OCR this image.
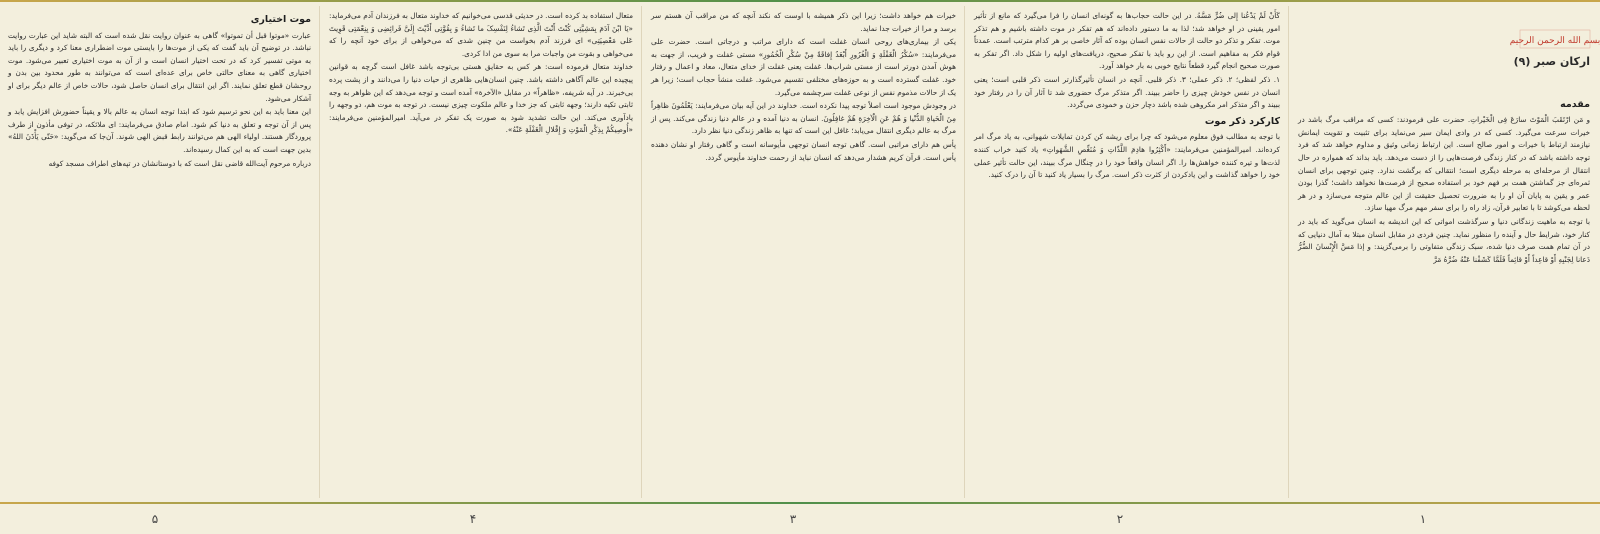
بسم الله الرحمن الرحیم
ارکان صبر (۹)
مقدمه

و مَن ارْتَقَبَ الْمَوْتَ سارَعَ فِی الْخَیْراتِ. حضرت علی فرمودند: کسی که مراقب مرگ باشد در خیرات سرعت می‌گیرد. کسی که در وادی ایمان سیر می‌نماید برای تثبیت و تقویت ایمانش نیازمند ارتباط با خیرات و امور صالح است. این ارتباط زمانی وثیق و مداوم خواهد شد که فرد توجه داشته باشد که در کنار زندگی فرصت‌هایی را از دست می‌دهد. باید بداند که همواره در حال انتقال از مرحله‌ای به مرحله دیگری است؛ انتقالی که برگشت ندارد. چنین توجهی برای انسان ثمره‌ای جز گماشتن همت بر فهم خود بر استفاده صحیح از فرصت‌ها نخواهد داشت؛ گذرا بودن عمر و یقین به پایان آن او را به ضرورت تحصیل حقیقت از این عالم متوجه می‌سازد و در هر لحظه می‌کوشد تا با تعابیر قرآن، زاد راه را برای سفر مهم مرگ مهیا سازد.

با توجه به ماهیت زندگانی دنیا و سرگذشت امواتی که این اندیشه به انسان می‌گوید که باید در کنار خود، شرایط حال و آینده را منظور نماید. چنین فردی در مقابل انسان مبتلا به آمال دنیایی که در آن تمام همت صرف دنیا شده، سبک زندگی متفاوتی را برمی‌گزیند: و إذا مَسَّ الْإِنْسانَ الضُّرُّ دَعانا لِجَنْبِهِ أَوْ قاعِداً أَوْ قائِماً فَلَمَّا کَشَفْنا عَنْهُ ضُرَّهُ مَرَّ

کَأَنْ لَمْ یَدْعُنا إِلی ضُرٍّ مَسَّهُ. در این حالت حجاب‌ها به گونه‌ای انسان را فرا می‌گیرد که مانع از تأثیر امور یقینی در او خواهد شد؛ لذا به ما دستور داده‌اند که هم تفکر در موت داشته باشیم و هم تذکر موت. تفکر و تذکر دو حالت از حالات نفس انسان بوده که آثار خاصی بر هر کدام مترتب است. عمدتاً قوام فکر به مفاهیم است. از این رو باید با تفکر صحیح، دریافت‌های اولیه را شکل داد. اگر تفکر به صورت صحیح انجام گیرد قطعاً نتایج خوبی به بار خواهد آورد.

۱. ذکر لفظی؛ ۲. ذکر عملی؛ ۳. ذکر قلبی. آنچه در انسان تأثیرگذارتر است ذکر قلبی است؛ یعنی انسان در نفس خودش چیزی را حاضر ببیند. اگر متذکر مرگ حضوری شد تا آثار آن را در رفتار خود ببیند و اگر متذکر امر مکروهی شده باشد دچار حزن و خمودی می‌گردد.

کارکرد ذکر موت

با توجه به مطالب فوق معلوم می‌شود که چرا برای ریشه کن کردن تمایلات شهوانی، به یاد مرگ امر کرده‌اند. امیرالمؤمنین می‌فرمایند: «أَکْثِرُوا هادِمَ اللَّذّاتِ وَ مُنَغِّصِ الشَّهَواتِ» یاد کنید خراب کننده لذت‌ها و تیره کننده خواهش‌ها را. اگر انسان واقعاً خود را در چنگال مرگ ببیند، این حالت تأثیر عملی خود را خواهد گذاشت و این یادکردن از کثرت ذکر است. مرگ را بسیار یاد کنید تا آن را درک کنید.

خیرات هم خواهد داشت؛ زیرا این ذکر همیشه با اوست که نکند آنچه که من مراقب آن هستم سر برسد و مرا از خیرات جدا نماید.

یکی از بیماری‌های روحی انسان غفلت است که دارای مراتب و درجاتی است. حضرت علی می‌فرمایند: «سُکْرُ الْغَفْلَةِ وَ الْغُرُورِ أَبْعَدُ إِفاقَةً مِنْ سُکْرِ الْخُمُورِ» مستی غفلت و فریب، از جهت به هوش آمدن دورتر است از مستی شراب‌ها. غفلت یعنی غفلت از خدای متعال، معاد و اعمال و رفتار خود. غفلت گسترده است و به حوزه‌های مختلفی تقسیم می‌شود. غفلت منشأ حجاب است؛ زیرا هر یک از حالات مذموم نفس از نوعی غفلت سرچشمه می‌گیرد.

در وجودش موجود است اصلاً توجه پیدا نکرده است. خداوند در این آیه بیان می‌فرمایند: یَعْلَمُونَ ظاهِراً مِنَ الْحَیاةِ الدُّنْیا وَ هُمْ عَنِ الْآخِرَةِ هُمْ غافِلُونَ. انسان به دنیا آمده و در عالم دنیا زندگی می‌کند. پس از مرگ به عالم دیگری انتقال می‌یابد؛ غافل این است که تنها به ظاهر زندگی دنیا نظر دارد.

پأس هم دارای مراتبی است. گاهی توجه انسان توجهی مأیوسانه است و گاهی رفتار او نشان دهنده پأس است. قرآن کریم هشدار می‌دهد که انسان نباید از رحمت خداوند مأیوس گردد.

متعال استفاده بد کرده است. در حدیثی قدسی می‌خوانیم که خداوند متعال به فرزندان آدم می‌فرماید: «یَا ابْنَ آدَمَ بِمَشِیَّتِی کُنْتَ أَنْتَ الَّذِی تَشاءُ لِنَفْسِکَ ما تَشاءُ وَ بِقُوَّتِی أَدَّیْتَ إِلَیَّ فَرائِضِی وَ بِنِعْمَتِی قَوِیتَ عَلی مَعْصِیَتِی» ای فرزند آدم بخواست من چنین شدی که می‌خواهی از برای خود آنچه را که می‌خواهی و بقوت من واجبات مرا به سوی من ادا کردی.

خداوند متعال فرموده است: هر کس به حقایق هستی بی‌توجه باشد غافل است گرچه به قوانین پیچیده این عالم آگاهی داشته باشد. چنین انسان‌هایی ظاهری از حیات دنیا را می‌دانند و از پشت پرده بی‌خبرند. در آیه شریفه، «ظاهراً» در مقابل «الآخرة» آمده است و توجه می‌دهد که این ظواهر به وجه ثابتی تکیه دارند؛ وجهه ثابتی که جز خدا و عالم ملکوت چیزی نیست. در توجه به موت هم، دو وجهه را یادآوری می‌کند. این حالت تشدید شود به صورت یک تفکر در می‌آید. امیرالمؤمنین می‌فرمایند: «أُوصِیکُمْ بِذِکْرِ الْمَوْتِ وَ إِقْلالِ الْغَفْلَةِ عَنْهُ».

موت اختیاری

عبارت «موتوا قبل أن تموتوا» گاهی به عنوان روایت نقل شده است که البته شاید این عبارت روایت نباشد. در توضیح آن باید گفت که یکی از موت‌ها را بایستی موت اضطراری معنا کرد و دیگری را باید به موتی تفسیر کرد که در تحت اختیار انسان است و از آن به موت اختیاری تعبیر می‌شود. موت اختیاری گاهی به معنای حالتی خاص برای عده‌ای است که می‌توانند به طور محدود بین بدن و روحشان قطع تعلق نمایند. اگر این انتقال برای انسان حاصل شود، حالات خاص از عالم دیگر برای او آشکار می‌شود.

این معنا باید به این نحو ترسیم شود که ابتدا توجه انسان به عالم بالا و یقیناً حضورش افزایش یابد و پس از آن توجه و تعلق به دنیا کم شود. امام صادق می‌فرمایند: ای ملائکه، در توفی مأذون از طرف پروردگار هستند. اولیاء الهی هم می‌توانند رابط قبض الهی شوند. آن‌جا که می‌گوید: «حَتّی یَأْذَنَ اللهُ» بدین جهت است که به این کمال رسیده‌اند.

درباره مرحوم آیت‌الله قاضی نقل است که با دوستانشان در تپه‌های اطراف مسجد کوفه

۱
۲
۳
۴
۵
